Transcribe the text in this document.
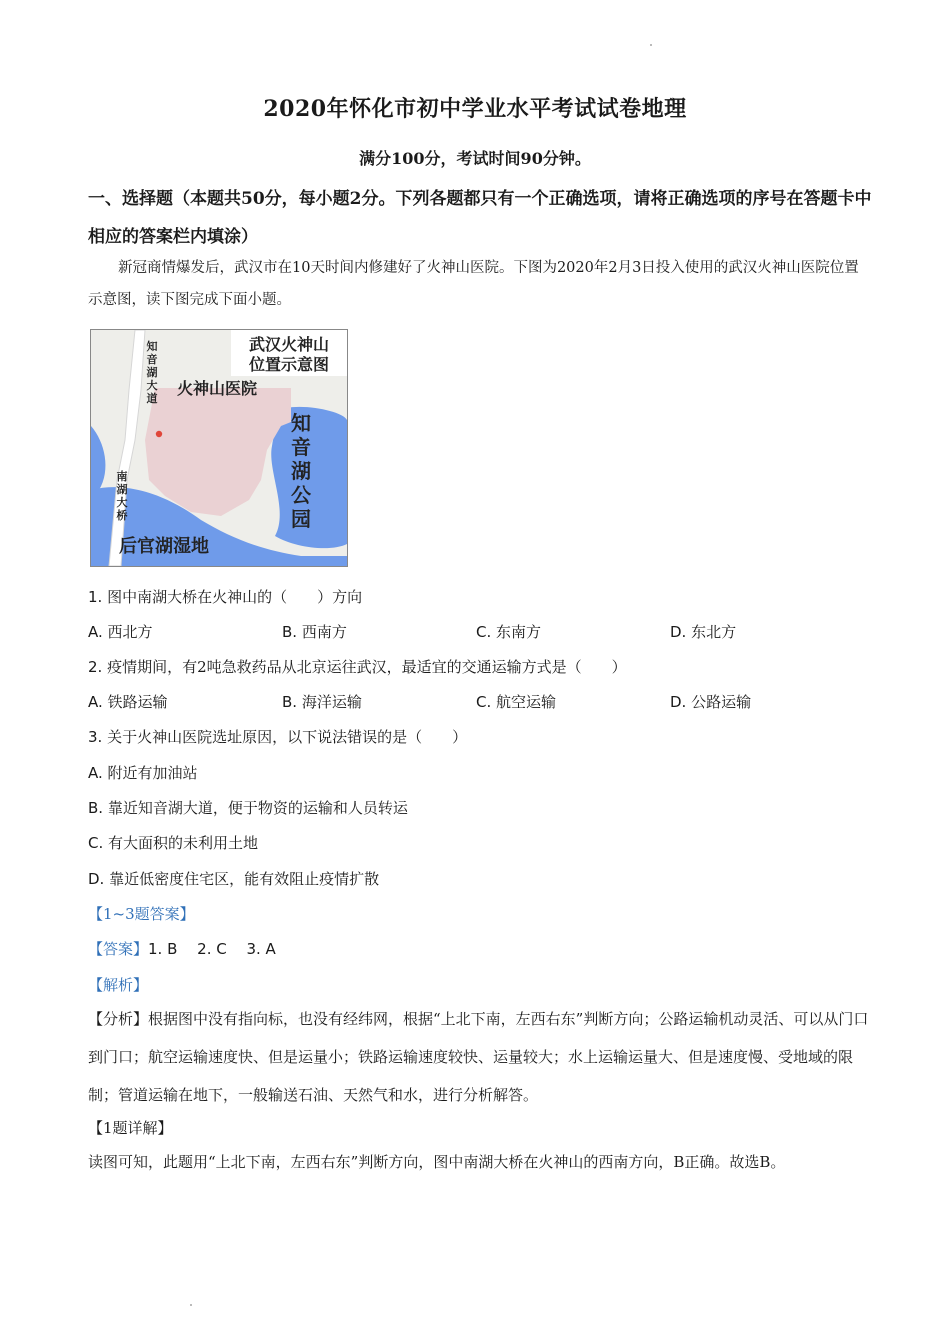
2020年怀化市初中学业水平考试试卷地理
满分100分，考试时间90分钟。
一、选择题（本题共50分，每小题2分。下列各题都只有一个正确选项，请将正确选项的序号在答题卡中相应的答案栏内填涂）
新冠商情爆发后，武汉市在10天时间内修建好了火神山医院。下图为2020年2月3日投入使用的武汉火神山医院位置示意图，读下图完成下面小题。
武汉火神山
位置示意图
火神山医院
后官湖湿地
知音湖大道
南湖大桥
知音湖公园
1. 图中南湖大桥在火神山的（　　）方向
A. 西北方	B. 西南方	C. 东南方	D. 东北方
2. 疫情期间，有2吨急救药品从北京运往武汉，最适宜的交通运输方式是（　　）
A. 铁路运输	B. 海洋运输	C. 航空运输	D. 公路运输
3. 关于火神山医院选址原因，以下说法错误的是（　　）
A. 附近有加油站
B. 靠近知音湖大道，便于物资的运输和人员转运
C. 有大面积的未利用土地
D. 靠近低密度住宅区，能有效阻止疫情扩散
【1~3题答案】
【答案】1. B　 2. C　 3. A
【解析】
【分析】根据图中没有指向标，也没有经纬网，根据“上北下南，左西右东”判断方向；公路运输机动灵活、可以从门口到门口；航空运输速度快、但是运量小；铁路运输速度较快、运量较大；水上运输运量大、但是速度慢、受地域的限制；管道运输在地下，一般输送石油、天然气和水，进行分析解答。
【1题详解】
读图可知，此题用“上北下南，左西右东”判断方向，图中南湖大桥在火神山的西南方向，B正确。故选B。
